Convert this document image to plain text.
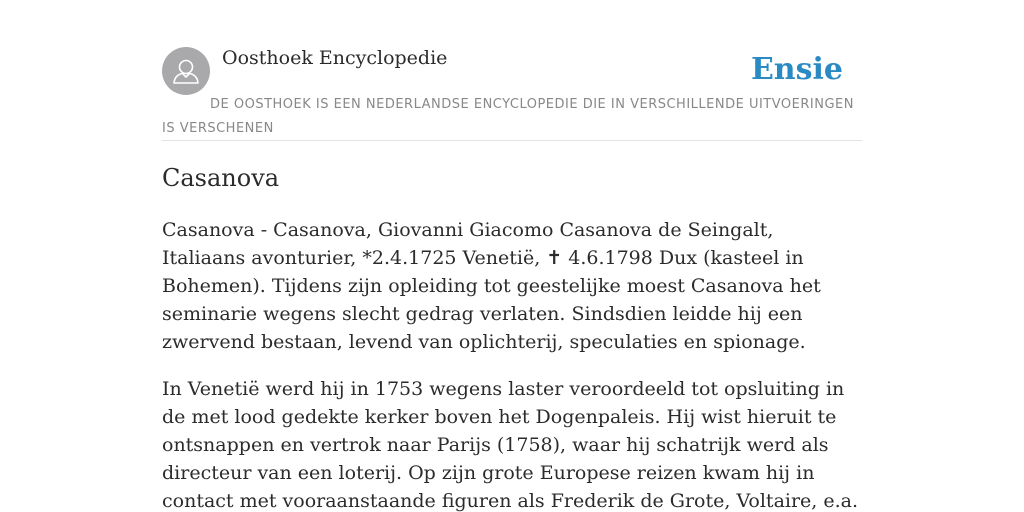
Oosthoek Encyclopedie	Ensie

DE OOSTHOEK IS EEN NEDERLANDSE ENCYCLOPEDIE DIE IN VERSCHILLENDE UITVOERINGEN IS VERSCHENEN

Casanova

Casanova - Casanova, Giovanni Giacomo Casanova de Seingalt, Italiaans avonturier, *2.4.1725 Venetië, ✝ 4.6.1798 Dux (kasteel in Bohemen). Tijdens zijn opleiding tot geestelijke moest Casanova het seminarie wegens slecht gedrag verlaten. Sindsdien leidde hij een zwervend bestaan, levend van oplichterij, speculaties en spionage.

In Venetië werd hij in 1753 wegens laster veroordeeld tot opsluiting in de met lood gedekte kerker boven het Dogenpaleis. Hij wist hieruit te ontsnappen en vertrok naar Parijs (1758), waar hij schatrijk werd als directeur van een loterij. Op zijn grote Europese reizen kwam hij in contact met vooraanstaande figuren als Frederik de Grote, Voltaire, e.a.
